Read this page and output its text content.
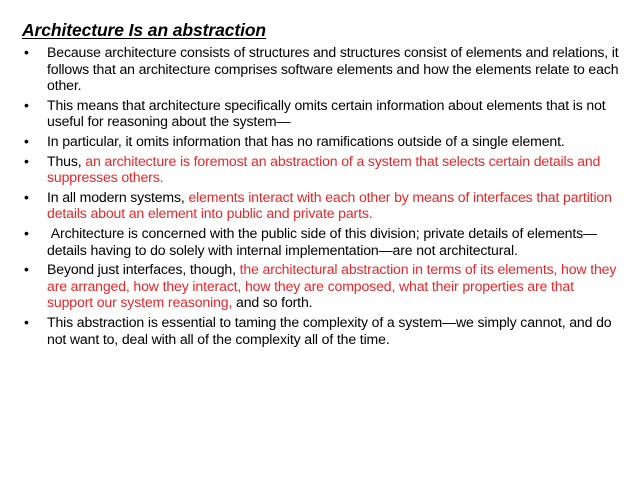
Architecture Is an abstraction
• Because architecture consists of structures and structures consist of elements and relations, it follows that an architecture comprises software elements and how the elements relate to each other.
• This means that architecture specifically omits certain information about elements that is not useful for reasoning about the system—
• In particular, it omits information that has no ramifications outside of a single element.
• Thus, an architecture is foremost an abstraction of a system that selects certain details and suppresses others.
• In all modern systems, elements interact with each other by means of interfaces that partition details about an element into public and private parts.
• Architecture is concerned with the public side of this division; private details of elements—details having to do solely with internal implementation—are not architectural.
• Beyond just interfaces, though, the architectural abstraction in terms of its elements, how they are arranged, how they interact, how they are composed, what their properties are that support our system reasoning, and so forth.
• This abstraction is essential to taming the complexity of a system—we simply cannot, and do not want to, deal with all of the complexity all of the time.
